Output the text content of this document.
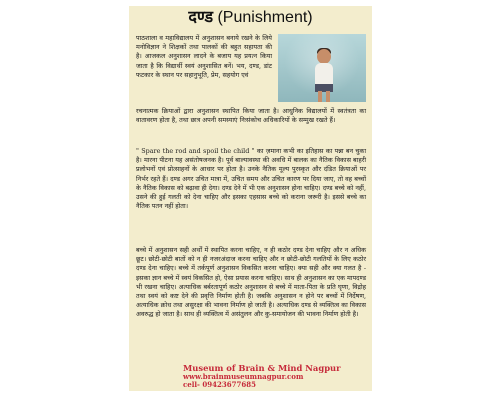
दण्ड (Punishment)

पाठशाला व महाविद्यालय में अनुशासन बनाये रखने के लिये मनोविज्ञान ने शिक्षकों तथा पालकों की बहुत सहायता की है। आजकल अनुशासन लादने के बजाय यह प्रयत्न किया जाता है कि विद्यार्थी स्वयं अनुशासित बनें। भय, दण्ड, डांट फटकार के स्थान पर सहानुभूति, प्रेम, सहयोग एवं

रचनात्मक क्रियाओं द्वारा अनुशासन स्थापित किया जाता है। आधुनिक विद्यालयों में स्वतंत्रता का वातावरण होता है, तथा छात्र अपनी समस्याएं निःसंकोच अधिकारियों के सम्मुख रखते हैं।

" Spare the rod and spoil the child " का ज़माना कभी का इतिहास का पन्ना बन चुका है। मारना पीटना यह असंतोषजनक है। पूर्व बाल्यावस्था की अवधि में बालक का नैतिक विकास बाहरी प्रलोभनों एवं प्रोत्साहनों के आधार पर होता है। उनके नैतिक मूल्य पुरस्कृत और दंडित क्रियाओं पर निर्भर रहते हैं। दण्ड अगर उचित मात्रा में, उचित समय और उचित कारण पर दिया जाए, तो वह बच्चों के नैतिक विकास को बढ़ावा ही देगा। दण्ड देने में भी एक अनुशासन होना चाहिए। दण्ड बच्चे को नहीं, उसने की हुई गलती को देना चाहिए और इसका एहसास बच्चे को कराना जरूरी है। इससे बच्चे का नैतिक पतन नहीं होता।

बच्चे में अनुशासन सही अर्थों में स्थापित करना चाहिए, न ही कठोर दण्ड देना चाहिए और न अधिक छूट। छोटी-छोटी बातों को न ही नजरअंदाज करना चाहिए और न छोटी-छोटी गलतियों के लिए कठोर दण्ड देना चाहिए। बच्चे में तर्कपूर्ण अनुशासन विकसित करना चाहिए। क्या सही और क्या गलत है - इसका ज्ञान बच्चे में स्वयं विकसित हो, ऐसा प्रयास करना चाहिए। साथ ही अनुशासन का एक मापदण्ड भी रखना चाहिए। अत्याधिक बर्बरतापूर्ण कठोर अनुशासन से बच्चे में माता-पिता के प्रति घृणा, विद्रोह तथा स्वयं को कष्ट देने की प्रवृत्ति निर्माण होती है। जबकि अनुशासन न होने पर बच्चों में निर्देषण, अत्याधिक क्रोध तथा असुरक्षा की भावना निर्माण हो जाती है। अत्याधिक दण्ड से व्यक्तित्व का विकास अवरुद्ध हो जाता है। साथ ही व्यक्तित्व में असंतुलन और कु-समायोजन की भावना निर्माण होती है।

Museum of Brain & Mind Nagpur
www.brainmuseumnagpur.com
cell- 09423677685
